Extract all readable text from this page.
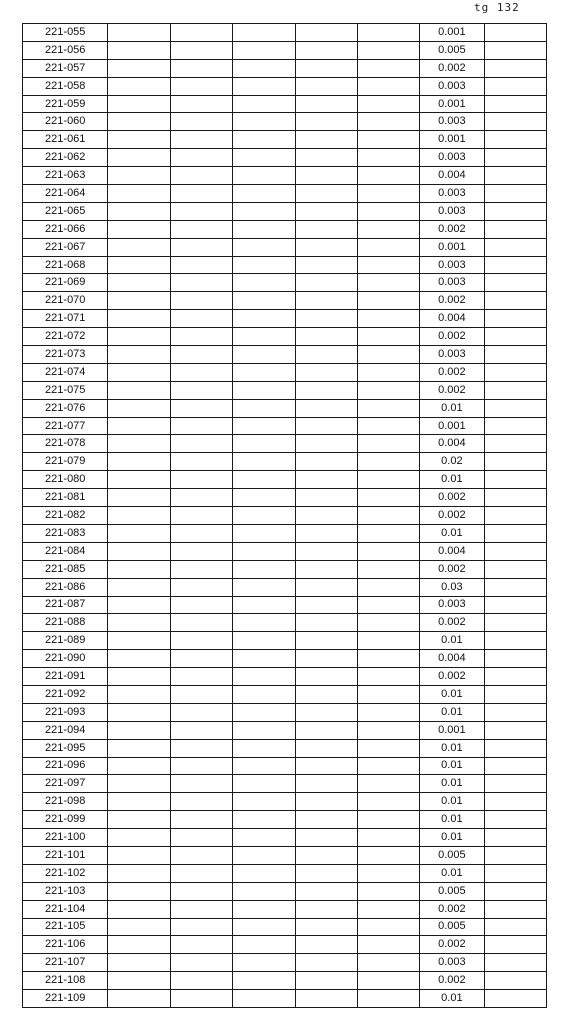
tg 132
221-055						0.001	
221-056						0.005	
221-057						0.002	
221-058						0.003	
221-059						0.001	
221-060						0.003	
221-061						0.001	
221-062						0.003	
221-063						0.004	
221-064						0.003	
221-065						0.003	
221-066						0.002	
221-067						0.001	
221-068						0.003	
221-069						0.003	
221-070						0.002	
221-071						0.004	
221-072						0.002	
221-073						0.003	
221-074						0.002	
221-075						0.002	
221-076						0.01	
221-077						0.001	
221-078						0.004	
221-079						0.02	
221-080						0.01	
221-081						0.002	
221-082						0.002	
221-083						0.01	
221-084						0.004	
221-085						0.002	
221-086						0.03	
221-087						0.003	
221-088						0.002	
221-089						0.01	
221-090						0.004	
221-091						0.002	
221-092						0.01	
221-093						0.01	
221-094						0.001	
221-095						0.01	
221-096						0.01	
221-097						0.01	
221-098						0.01	
221-099						0.01	
221-100						0.01	
221-101						0.005	
221-102						0.01	
221-103						0.005	
221-104						0.002	
221-105						0.005	
221-106						0.002	
221-107						0.003	
221-108						0.002	
221-109						0.01	
